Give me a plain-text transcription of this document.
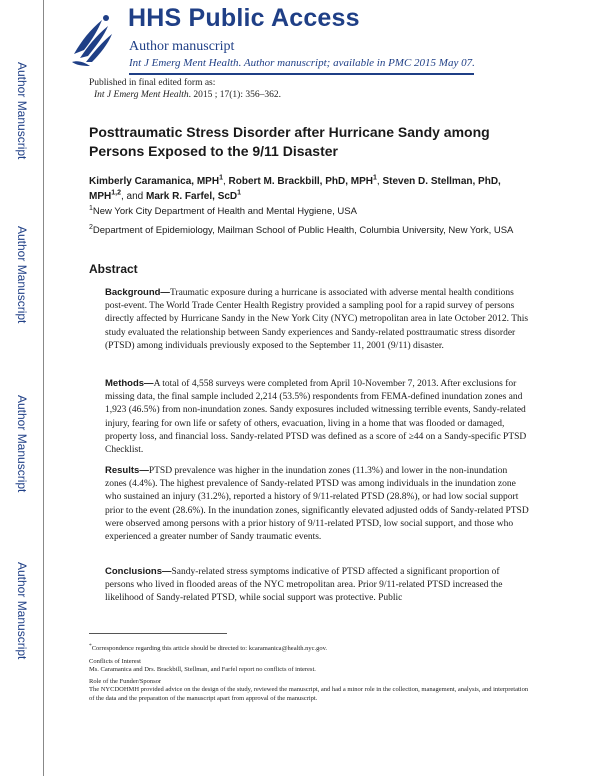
HHS Public Access
Author manuscript
Int J Emerg Ment Health. Author manuscript; available in PMC 2015 May 07.
Author Manuscript
Author Manuscript
Author Manuscript
Author Manuscript
Published in final edited form as:
Int J Emerg Ment Health. 2015 ; 17(1): 356–362.
Posttraumatic Stress Disorder after Hurricane Sandy among Persons Exposed to the 9/11 Disaster
Kimberly Caramanica, MPH$^1$, Robert M. Brackbill, PhD, MPH$^1$, Steven D. Stellman, PhD, MPH$^{1,2}$, and Mark R. Farfel, ScD$^1$
$^1$New York City Department of Health and Mental Hygiene, USA
$^2$Department of Epidemiology, Mailman School of Public Health, Columbia University, New York, USA
Abstract
Background—Traumatic exposure during a hurricane is associated with adverse mental health conditions post-event. The World Trade Center Health Registry provided a sampling pool for a rapid survey of persons directly affected by Hurricane Sandy in the New York City (NYC) metropolitan area in late October 2012. This study evaluated the relationship between Sandy experiences and Sandy-related posttraumatic stress disorder (PTSD) among individuals previously exposed to the September 11, 2001 (9/11) disaster.
Methods—A total of 4,558 surveys were completed from April 10-November 7, 2013. After exclusions for missing data, the final sample included 2,214 (53.5%) respondents from FEMA-defined inundation zones and 1,923 (46.5%) from non-inundation zones. Sandy exposures included witnessing terrible events, Sandy-related injury, fearing for own life or safety of others, evacuation, living in a home that was flooded or damaged, property loss, and financial loss. Sandy-related PTSD was defined as a score of ≥44 on a Sandy-specific PTSD Checklist.
Results—PTSD prevalence was higher in the inundation zones (11.3%) and lower in the non-inundation zones (4.4%). The highest prevalence of Sandy-related PTSD was among individuals in the inundation zone who sustained an injury (31.2%), reported a history of 9/11-related PTSD (28.8%), or had low social support prior to the event (28.6%). In the inundation zones, significantly elevated adjusted odds of Sandy-related PTSD were observed among persons with a prior history of 9/11-related PTSD, low social support, and those who experienced a greater number of Sandy traumatic events.
Conclusions—Sandy-related stress symptoms indicative of PTSD affected a significant proportion of persons who lived in flooded areas of the NYC metropolitan area. Prior 9/11-related PTSD increased the likelihood of Sandy-related PTSD, while social support was protective. Public
*Correspondence regarding this article should be directed to: kcaramanica@health.nyc.gov.
Conflicts of Interest
Ms. Caramanica and Drs. Brackbill, Stellman, and Farfel report no conflicts of interest.
Role of the Funder/Sponsor
The NYCDOHMH provided advice on the design of the study, reviewed the manuscript, and had a minor role in the collection, management, analysis, and interpretation of the data and the preparation of the manuscript apart from approval of the manuscript.
